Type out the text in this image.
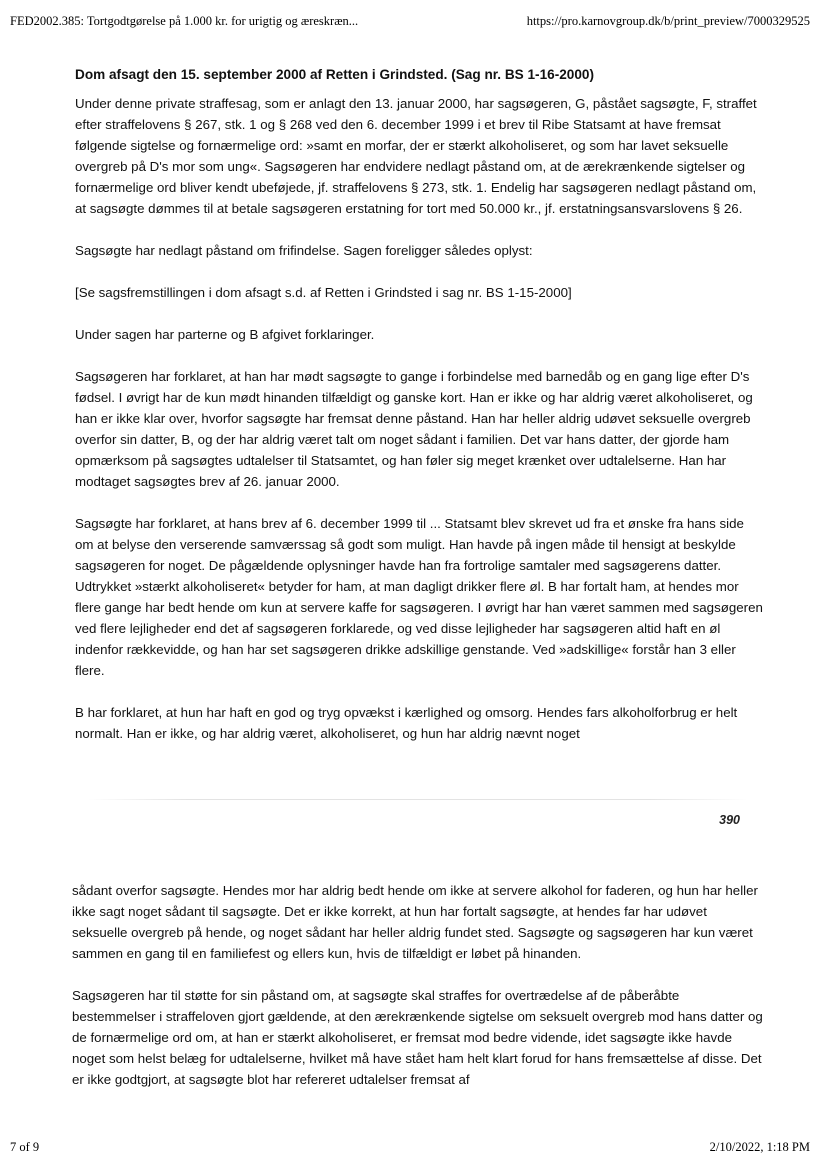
FED2002.385: Tortgodtgørelse på 1.000 kr. for urigtig og æreskræn...	https://pro.karnovgroup.dk/b/print_preview/7000329525

Dom afsagt den 15. september 2000 af Retten i Grindsted. (Sag nr. BS 1-16-2000)

Under denne private straffesag, som er anlagt den 13. januar 2000, har sagsøgeren, G, påstået sagsøgte, F, straffet efter straffelovens § 267, stk. 1 og § 268 ved den 6. december 1999 i et brev til Ribe Statsamt at have fremsat følgende sigtelse og fornærmelige ord: »samt en morfar, der er stærkt alkoholiseret, og som har lavet seksuelle overgreb på D's mor som ung«. Sagsøgeren har endvidere nedlagt påstand om, at de ærekrænkende sigtelser og fornærmelige ord bliver kendt ubeføjede, jf. straffelovens § 273, stk. 1. Endelig har sagsøgeren nedlagt påstand om, at sagsøgte dømmes til at betale sagsøgeren erstatning for tort med 50.000 kr., jf. erstatningsansvarslovens § 26.

Sagsøgte har nedlagt påstand om frifindelse. Sagen foreligger således oplyst:

[Se sagsfremstillingen i dom afsagt s.d. af Retten i Grindsted i sag nr. BS 1-15-2000]

Under sagen har parterne og B afgivet forklaringer.

Sagsøgeren har forklaret, at han har mødt sagsøgte to gange i forbindelse med barnedåb og en gang lige efter D's fødsel. I øvrigt har de kun mødt hinanden tilfældigt og ganske kort. Han er ikke og har aldrig været alkoholiseret, og han er ikke klar over, hvorfor sagsøgte har fremsat denne påstand. Han har heller aldrig udøvet seksuelle overgreb overfor sin datter, B, og der har aldrig været talt om noget sådant i familien. Det var hans datter, der gjorde ham opmærksom på sagsøgtes udtalelser til Statsamtet, og han føler sig meget krænket over udtalelserne. Han har modtaget sagsøgtes brev af 26. januar 2000.

Sagsøgte har forklaret, at hans brev af 6. december 1999 til ... Statsamt blev skrevet ud fra et ønske fra hans side om at belyse den verserende samværssag så godt som muligt. Han havde på ingen måde til hensigt at beskylde sagsøgeren for noget. De pågældende oplysninger havde han fra fortrolige samtaler med sagsøgerens datter. Udtrykket »stærkt alkoholiseret« betyder for ham, at man dagligt drikker flere øl. B har fortalt ham, at hendes mor flere gange har bedt hende om kun at servere kaffe for sagsøgeren. I øvrigt har han været sammen med sagsøgeren ved flere lejligheder end det af sagsøgeren forklarede, og ved disse lejligheder har sagsøgeren altid haft en øl indenfor rækkevidde, og han har set sagsøgeren drikke adskillige genstande. Ved »adskillige« forstår han 3 eller flere.

B har forklaret, at hun har haft en god og tryg opvækst i kærlighed og omsorg. Hendes fars alkoholforbrug er helt normalt. Han er ikke, og har aldrig været, alkoholiseret, og hun har aldrig nævnt noget

390

sådant overfor sagsøgte. Hendes mor har aldrig bedt hende om ikke at servere alkohol for faderen, og hun har heller ikke sagt noget sådant til sagsøgte. Det er ikke korrekt, at hun har fortalt sagsøgte, at hendes far har udøvet seksuelle overgreb på hende, og noget sådant har heller aldrig fundet sted. Sagsøgte og sagsøgeren har kun været sammen en gang til en familiefest og ellers kun, hvis de tilfældigt er løbet på hinanden.

Sagsøgeren har til støtte for sin påstand om, at sagsøgte skal straffes for overtrædelse af de påberåbte bestemmelser i straffeloven gjort gældende, at den ærekrænkende sigtelse om seksuelt overgreb mod hans datter og de fornærmelige ord om, at han er stærkt alkoholiseret, er fremsat mod bedre vidende, idet sagsøgte ikke havde noget som helst belæg for udtalelserne, hvilket må have stået ham helt klart forud for hans fremsættelse af disse. Det er ikke godtgjort, at sagsøgte blot har refereret udtalelser fremsat af

7 of 9	2/10/2022, 1:18 PM
